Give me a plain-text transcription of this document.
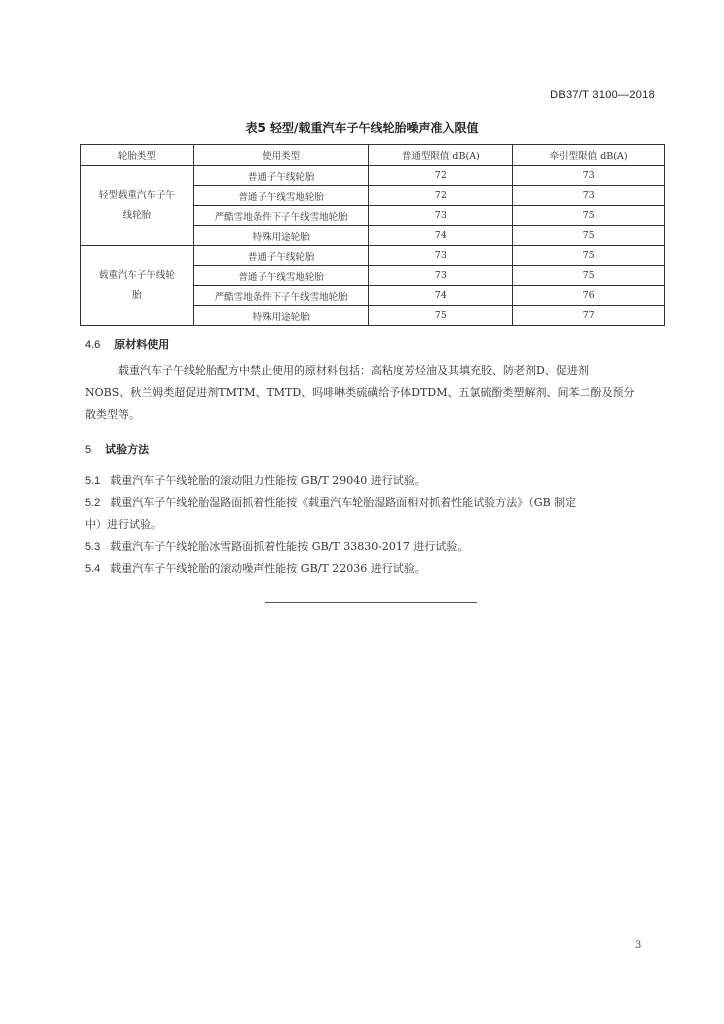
DB37/T 3100—2018
表5 轻型/载重汽车子午线轮胎噪声准入限值
轮胎类型	使用类型	普通型限值 dB(A)	牵引型限值 dB(A)
轻型载重汽车子午
线轮胎	普通子午线轮胎	72	73
	普通子午线雪地轮胎	72	73
	严酷雪地条件下子午线雪地轮胎	73	75
	特殊用途轮胎	74	75
载重汽车子午线轮
胎	普通子午线轮胎	73	75
	普通子午线雪地轮胎	73	75
	严酷雪地条件下子午线雪地轮胎	74	76
	特殊用途轮胎	75	77
4.6 原材料使用
载重汽车子午线轮胎配方中禁止使用的原材料包括：高粘度芳烃油及其填充胶、防老剂D、促进剂
NOBS、秋兰姆类超促进剂TMTM、TMTD、吗啡啉类硫磺给予体DTDM、五氯硫酚类塑解剂、间苯二酚及预分
散类型等。
5 试验方法
5.1 载重汽车子午线轮胎的滚动阻力性能按 GB/T 29040 进行试验。
5.2 载重汽车子午线轮胎湿路面抓着性能按《载重汽车轮胎湿路面相对抓着性能试验方法》（GB 制定
中）进行试验。
5.3 载重汽车子午线轮胎冰雪路面抓着性能按 GB/T 33830-2017 进行试验。
5.4 载重汽车子午线轮胎的滚动噪声性能按 GB/T 22036 进行试验。
3
